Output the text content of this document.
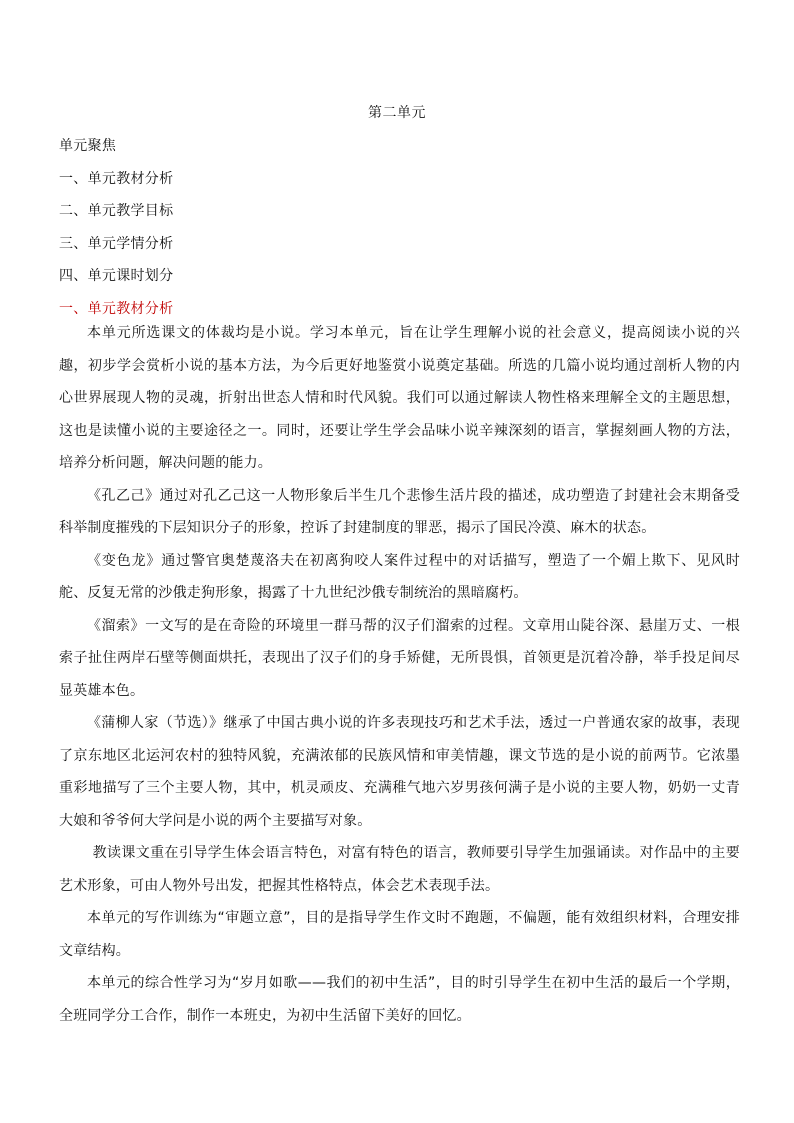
第二单元
单元聚焦
一、单元教材分析
二、单元教学目标
三、单元学情分析
四、单元课时划分
一、单元教材分析

本单元所选课文的体裁均是小说。学习本单元，旨在让学生理解小说的社会意义，提高阅读小说的兴趣，初步学会赏析小说的基本方法，为今后更好地鉴赏小说奠定基础。所选的几篇小说均通过剖析人物的内心世界展现人物的灵魂，折射出世态人情和时代风貌。我们可以通过解读人物性格来理解全文的主题思想，这也是读懂小说的主要途径之一。同时，还要让学生学会品味小说辛辣深刻的语言，掌握刻画人物的方法，培养分析问题，解决问题的能力。

《孔乙己》通过对孔乙己这一人物形象后半生几个悲惨生活片段的描述，成功塑造了封建社会末期备受科举制度摧残的下层知识分子的形象，控诉了封建制度的罪恶，揭示了国民冷漠、麻木的状态。

《变色龙》通过警官奥楚蔑洛夫在初离狗咬人案件过程中的对话描写，塑造了一个媚上欺下、见风时舵、反复无常的沙俄走狗形象，揭露了十九世纪沙俄专制统治的黑暗腐朽。

《溜索》一文写的是在奇险的环境里一群马帮的汉子们溜索的过程。文章用山陡谷深、悬崖万丈、一根索子扯住两岸石壁等侧面烘托，表现出了汉子们的身手矫健，无所畏惧，首领更是沉着冷静，举手投足间尽显英雄本色。

《蒲柳人家（节选）》继承了中国古典小说的许多表现技巧和艺术手法，透过一户普通农家的故事，表现了京东地区北运河农村的独特风貌，充满浓郁的民族风情和审美情趣，课文节选的是小说的前两节。它浓墨重彩地描写了三个主要人物，其中，机灵顽皮、充满稚气地六岁男孩何满子是小说的主要人物，奶奶一丈青大娘和爷爷何大学问是小说的两个主要描写对象。

教读课文重在引导学生体会语言特色，对富有特色的语言，教师要引导学生加强诵读。对作品中的主要艺术形象，可由人物外号出发，把握其性格特点，体会艺术表现手法。

本单元的写作训练为“审题立意”，目的是指导学生作文时不跑题，不偏题，能有效组织材料，合理安排文章结构。

本单元的综合性学习为“岁月如歌——我们的初中生活”，目的时引导学生在初中生活的最后一个学期，全班同学分工合作，制作一本班史，为初中生活留下美好的回忆。
